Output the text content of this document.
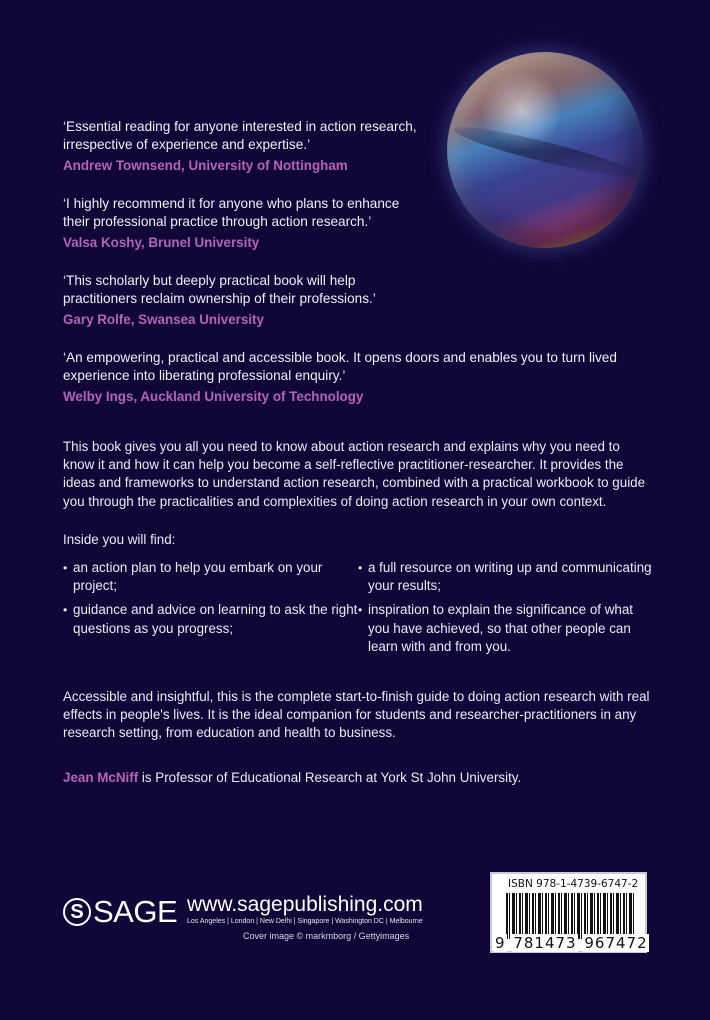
‘Essential reading for anyone interested in action research, irrespective of experience and expertise.’
Andrew Townsend, University of Nottingham
‘I highly recommend it for anyone who plans to enhance their professional practice through action research.’
Valsa Koshy, Brunel University
‘This scholarly but deeply practical book will help practitioners reclaim ownership of their professions.’
Gary Rolfe, Swansea University
‘An empowering, practical and accessible book. It opens doors and enables you to turn lived experience into liberating professional enquiry.’
Welby Ings, Auckland University of Technology

This book gives you all you need to know about action research and explains why you need to know it and how it can help you become a self-reflective practitioner-researcher. It provides the ideas and frameworks to understand action research, combined with a practical workbook to guide you through the practicalities and complexities of doing action research in your own context.

Inside you will find:

• an action plan to help you embark on your project;
• a full resource on writing up and communicating your results;
• guidance and advice on learning to ask the right questions as you progress;
• inspiration to explain the significance of what you have achieved, so that other people can learn with and from you.

Accessible and insightful, this is the complete start-to-finish guide to doing action research with real effects in people's lives. It is the ideal companion for students and researcher-practitioners in any research setting, from education and health to business.

Jean McNiff is Professor of Educational Research at York St John University.

S SAGE www.sagepublishing.com
Los Angeles | London | New Delhi | Singapore | Washington DC | Melbourne
Cover image © markmborg / Gettyimages
ISBN 978-1-4739-6747-2
9 781473 967472
